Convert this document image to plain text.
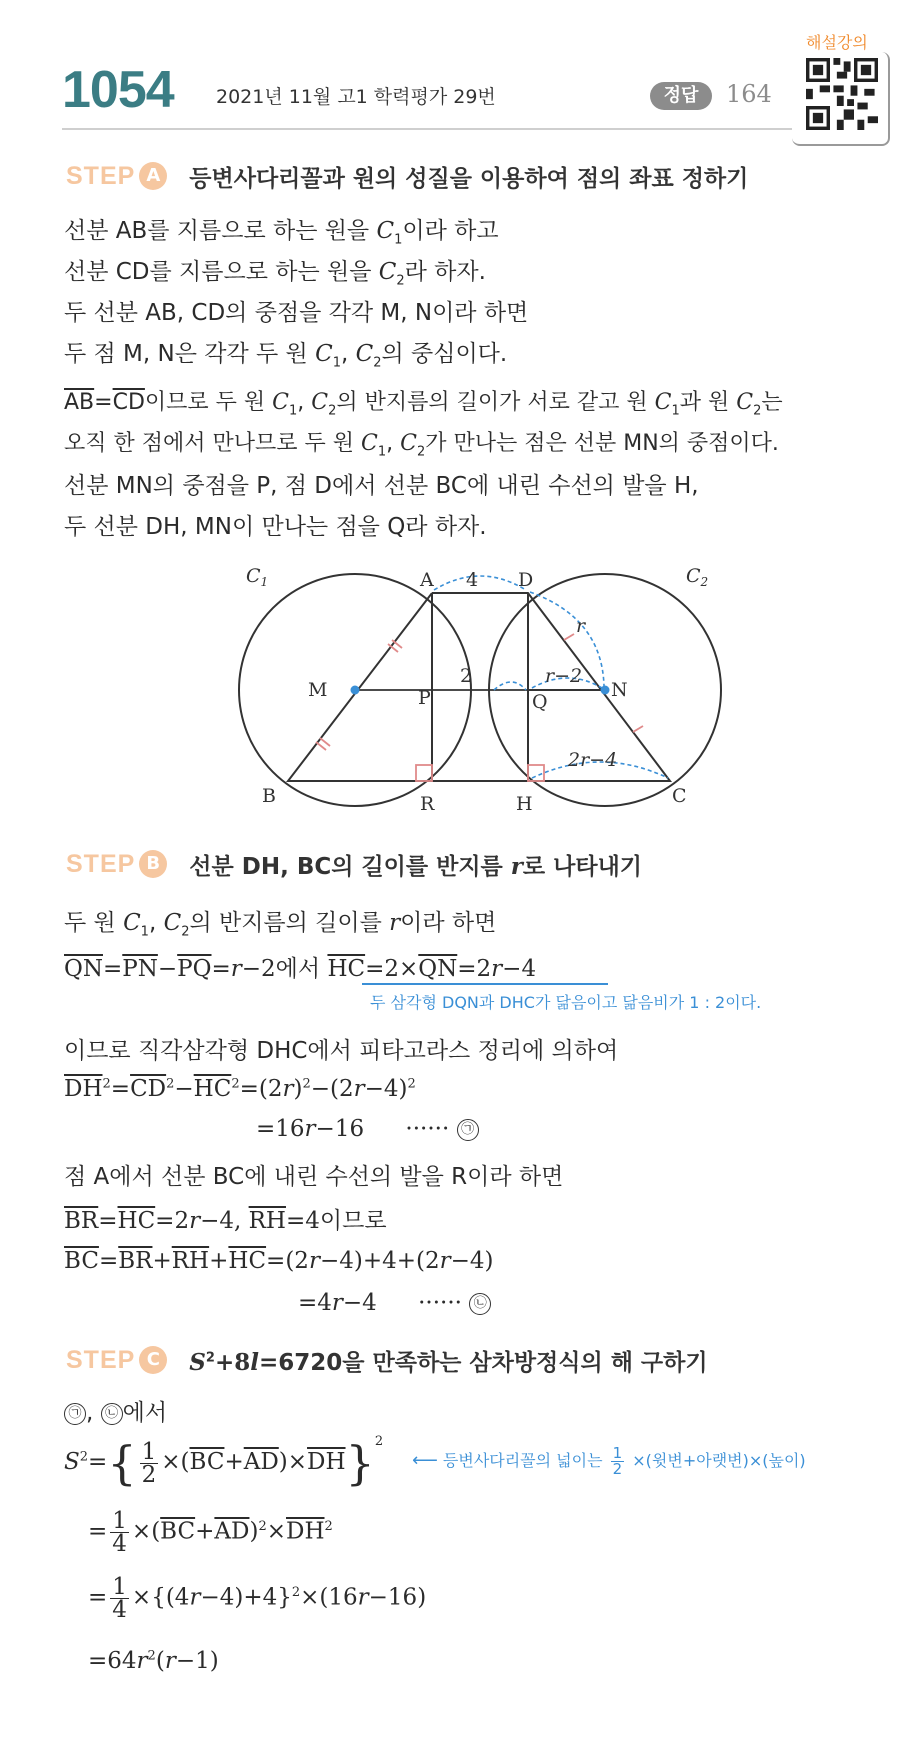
1054 2021년 11월 고1 학력평가 29번	정답	164
해설강의
STEP A	등변사다리꼴과 원의 성질을 이용하여 점의 좌표 정하기
선분 AB를 지름으로 하는 원을 $C_1$이라 하고
선분 CD를 지름으로 하는 원을 $C_2$라 하자.
두 선분 AB, CD의 중점을 각각 M, N이라 하면
두 점 M, N은 각각 두 원 $C_1$, $C_2$의 중심이다.
$\overline{AB}=\overline{CD}$이므로 두 원 $C_1$, $C_2$의 반지름의 길이가 서로 같고 원 $C_1$과 원 $C_2$는
오직 한 점에서 만나므로 두 원 $C_1$, $C_2$가 만나는 점은 선분 MN의 중점이다.
선분 MN의 중점을 P, 점 D에서 선분 BC에 내린 수선의 발을 H,
두 선분 DH, MN이 만나는 점을 Q라 하자.
$C_1$	$C_2$
A	D
4
M	N
P	Q
2	r−2
r
2r−4
B	R	H	C
STEP B	선분 DH, BC의 길이를 반지름 r로 나타내기
두 원 $C_1$, $C_2$의 반지름의 길이를 r이라 하면
$\overline{QN}=\overline{PN}-\overline{PQ}=r-2$에서 $\overline{HC}=2\times\overline{QN}=2r-4$
두 삼각형 DQN과 DHC가 닮음이고 닮음비가 1 : 2이다.
이므로 직각삼각형 DHC에서 피타고라스 정리에 의하여
$\overline{DH}^2=\overline{CD}^2-\overline{HC}^2=(2r)^2-(2r-4)^2$
=16r−16 ······ ㉠
점 A에서 선분 BC에 내린 수선의 발을 R이라 하면
$\overline{BR}=\overline{HC}=2r-4$, $\overline{RH}=4$이므로
$\overline{BC}=\overline{BR}+\overline{RH}+\overline{HC}=(2r-4)+4+(2r-4)$
=4r−4 ······ ㉡
STEP C	$S^2+8l=6720$을 만족하는 삼차방정식의 해 구하기
㉠ , ㉡ 에서
$S^2=\{ \frac{1}{2} \times(\overline{BC}+\overline{AD})\times\overline{DH}\}^2$
⟵ 등변사다리꼴의 넓이는 $\frac{1}{2}$ ×(윗변+아랫변)×(높이)
= $\frac{1}{4} \times(\overline{BC}+\overline{AD})^2\times\overline{DH}^2$
= $\frac{1}{4} \times\{(4r-4)+4\}^2\times(16r-16)$
$=64r^2(r-1)$
